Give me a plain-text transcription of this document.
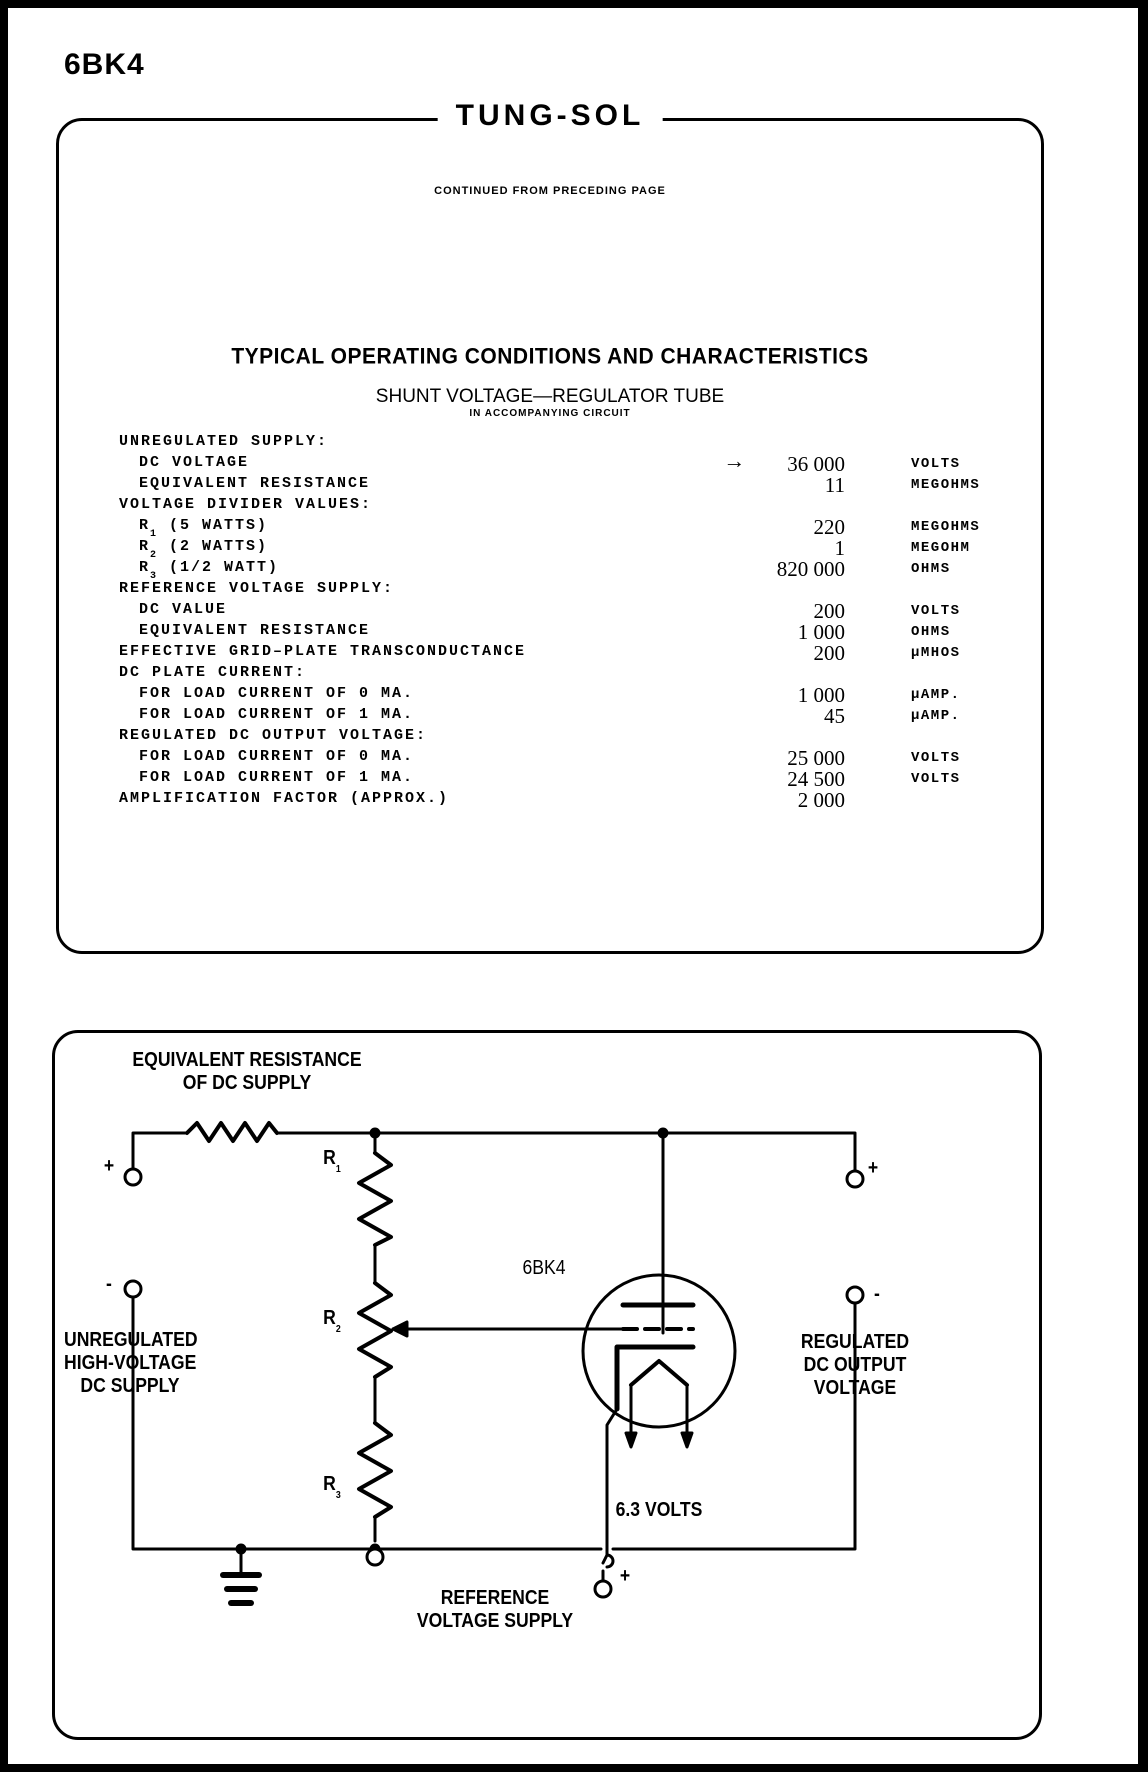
6BK4
TUNG-SOL
CONTINUED FROM PRECEDING PAGE
TYPICAL OPERATING CONDITIONS AND CHARACTERISTICS
SHUNT VOLTAGE—REGULATOR TUBE
IN ACCOMPANYING CIRCUIT
UNREGULATED SUPPLY:
DC VOLTAGE	→ 36 000	VOLTS
EQUIVALENT RESISTANCE	11	MEGOHMS
VOLTAGE DIVIDER VALUES:
$R_1$ (5 WATTS)	220	MEGOHMS
$R_2$ (2 WATTS)	1	MEGOHM
$R_3$ (1/2 WATT)	820 000	OHMS
REFERENCE VOLTAGE SUPPLY:
DC VALUE	200	VOLTS
EQUIVALENT RESISTANCE	1 000	OHMS
EFFECTIVE GRID–PLATE TRANSCONDUCTANCE	200	µMHOS
DC PLATE CURRENT:
FOR LOAD CURRENT OF 0 MA.	1 000	µAMP.
FOR LOAD CURRENT OF 1 MA.	45	µAMP.
REGULATED DC OUTPUT VOLTAGE:
FOR LOAD CURRENT OF 0 MA.	25 000	VOLTS
FOR LOAD CURRENT OF 1 MA.	24 500	VOLTS
AMPLIFICATION FACTOR (APPROX.)	2 000
EQUIVALENT RESISTANCE
OF DC SUPPLY
$R_1$
$R_2$
$R_3$
6BK4
UNREGULATED
HIGH-VOLTAGE
DC SUPPLY
REGULATED
DC OUTPUT
VOLTAGE
6.3 VOLTS
REFERENCE
VOLTAGE SUPPLY
+
-
+
-
-
+
